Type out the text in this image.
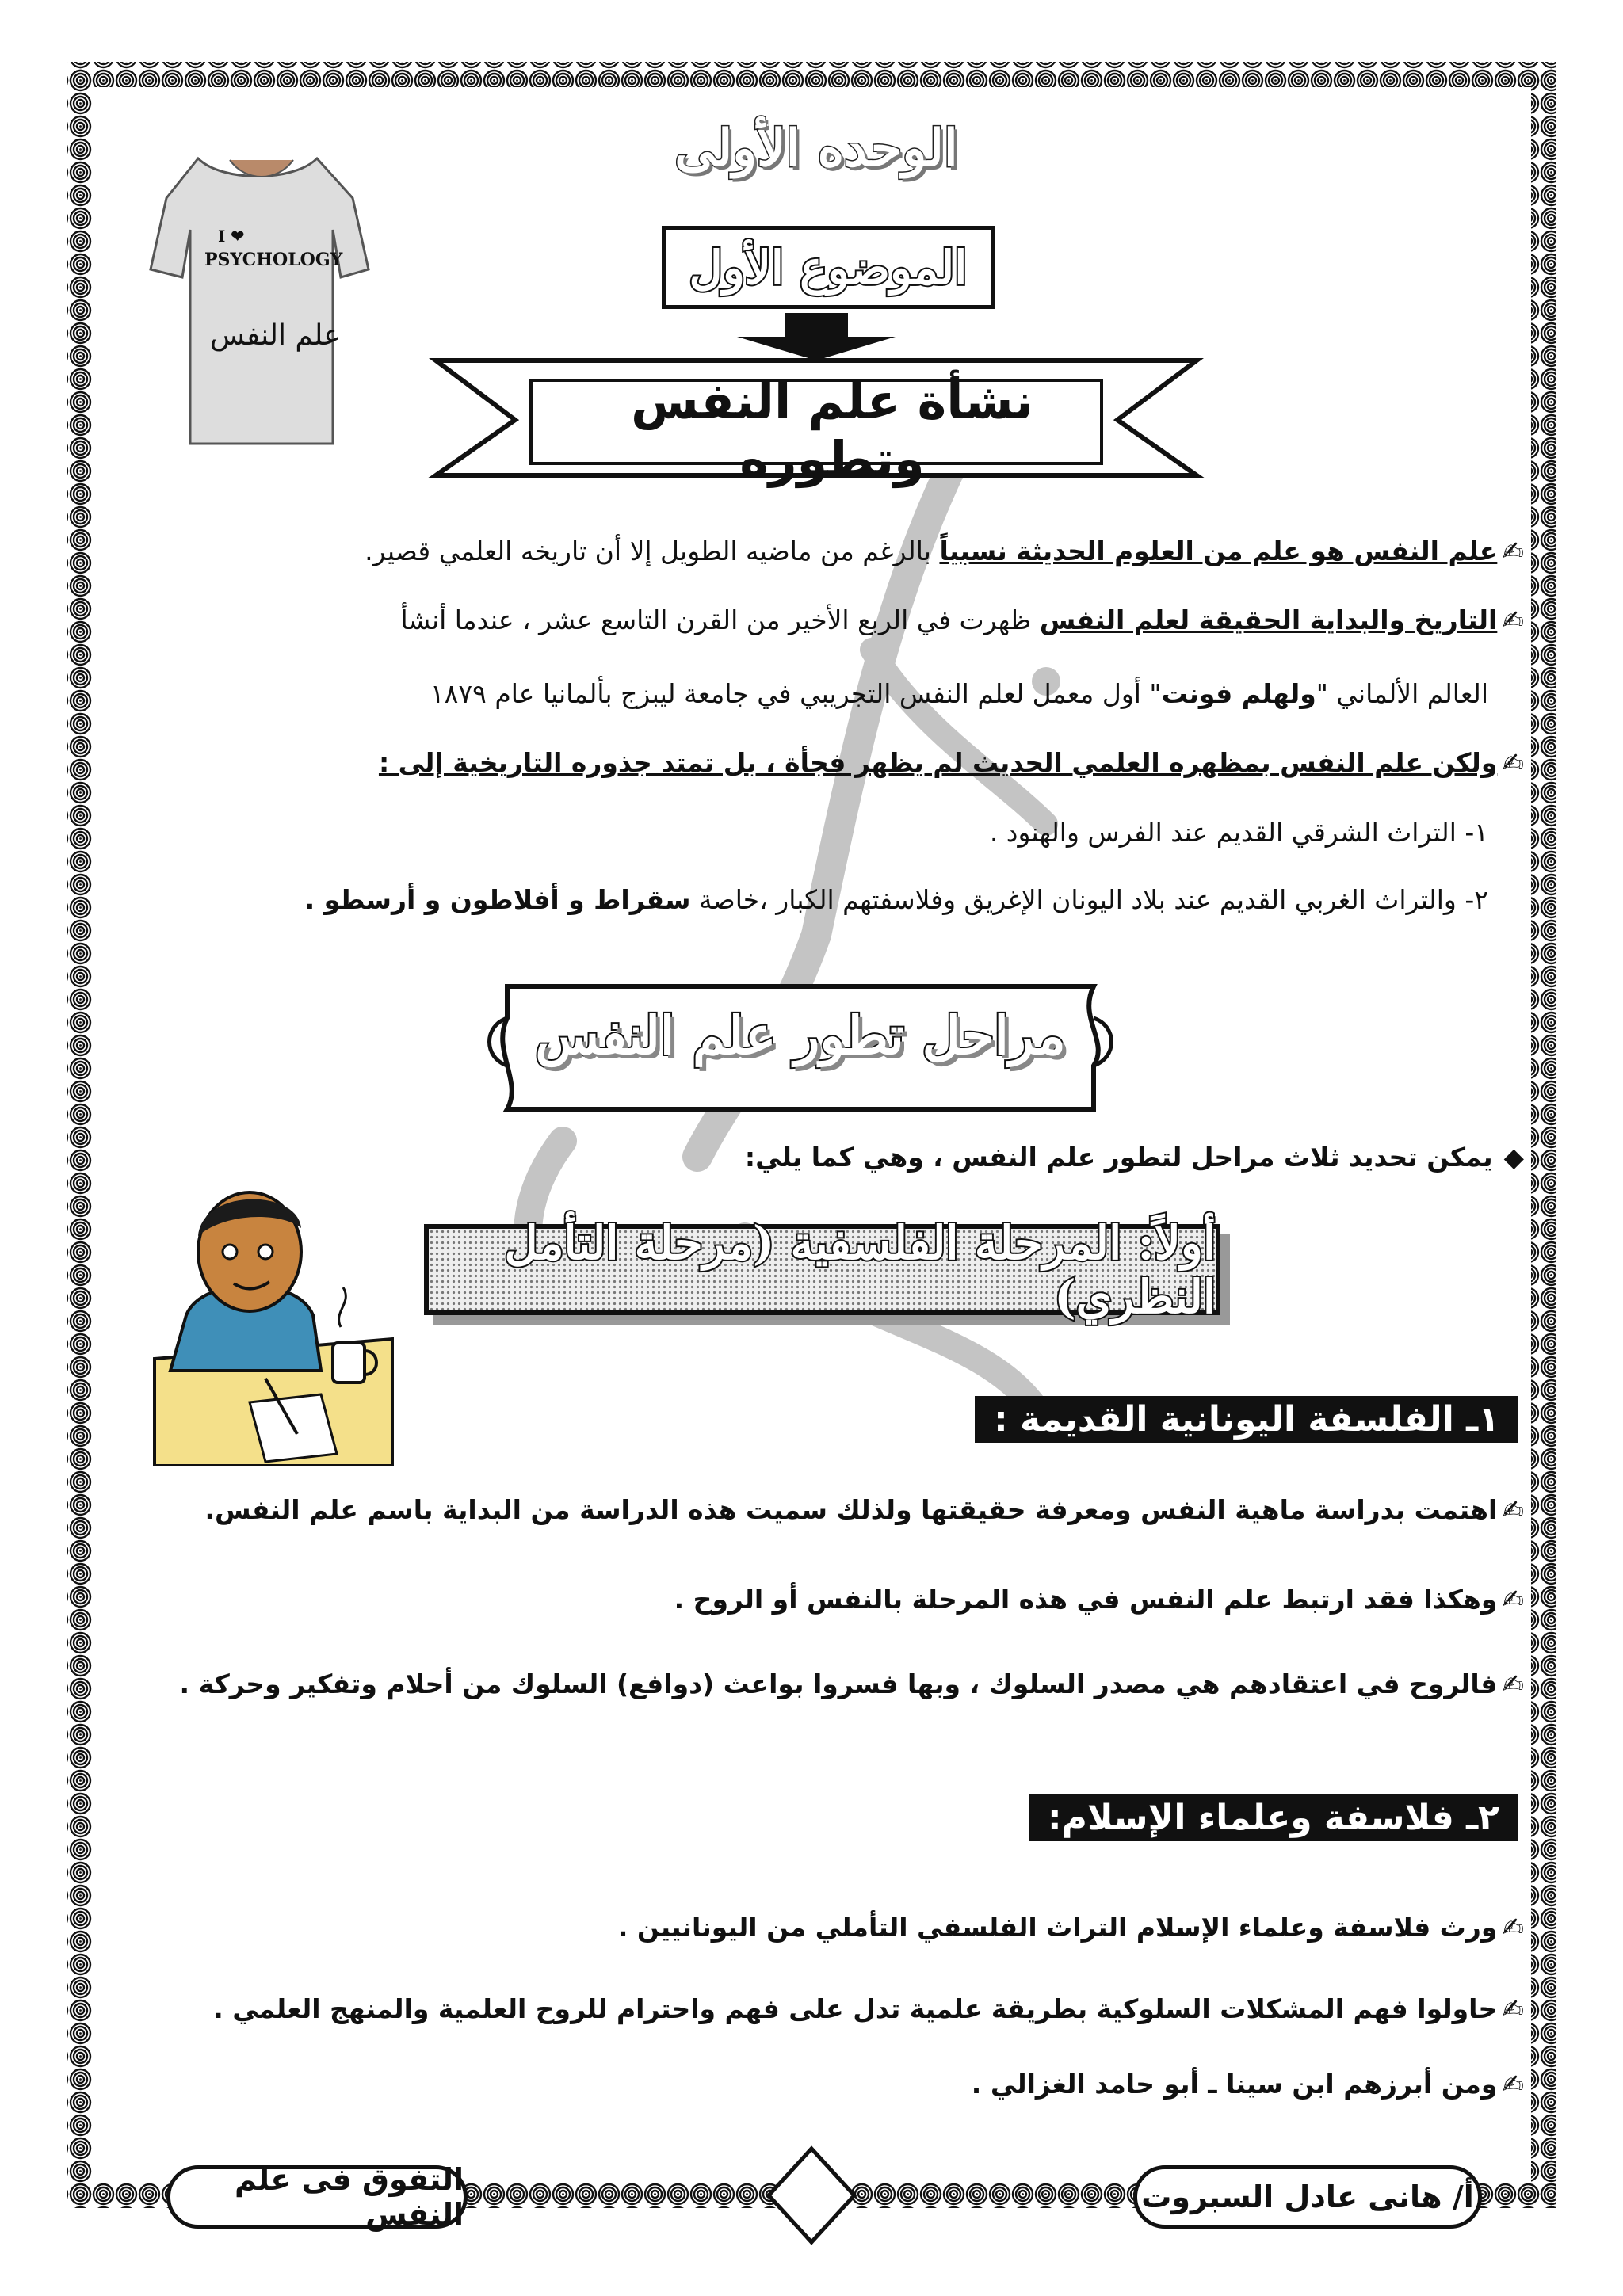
الوحده الأولى
الموضوع الأول
نشأة علم النفس وتطوره
I ❤
PSYCHOLOGY
علم النفس
✍علم النفس هو علم من العلوم الحديثة نسبياً بالرغم من ماضيه الطويل إلا أن تاريخه العلمي قصير.
✍التاريخ والبداية الحقيقة لعلم النفس ظهرت في الربع الأخير من القرن التاسع عشر ، عندما أنشأ
العالم الألماني "ولهلم فونت" أول معمل لعلم النفس التجريبي في جامعة ليبزج بألمانيا عام ١٨٧٩
✍ولكن علم النفس بمظهره العلمي الحديث لم يظهر فجأة ، بل تمتد جذوره التاريخية إلى :
١- التراث الشرقي القديم عند الفرس والهنود .
٢- والتراث الغربي القديم عند بلاد اليونان الإغريق وفلاسفتهم الكبار ،خاصة سقراط و أفلاطون و أرسطو .
مراحل تطور علم النفس
◆يمكن تحديد ثلاث مراحل لتطور علم النفس ، وهي كما يلي:
أولاً: المرحلة الفلسفية (مرحلة التأمل النظري)
١ـ الفلسفة اليونانية القديمة :
✍اهتمت بدراسة ماهية النفس ومعرفة حقيقتها ولذلك سميت هذه الدراسة من البداية باسم علم النفس.
✍وهكذا فقد ارتبط علم النفس في هذه المرحلة بالنفس أو الروح .
✍فالروح في اعتقادهم هي مصدر السلوك ، وبها فسروا بواعث (دوافع) السلوك من أحلام وتفكير وحركة .
٢ـ فلاسفة وعلماء الإسلام:
✍ورث فلاسفة وعلماء الإسلام التراث الفلسفي التأملي من اليونانيين .
✍حاولوا فهم المشكلات السلوكية بطريقة علمية تدل على فهم واحترام للروح العلمية والمنهج العلمي .
✍ومن أبرزهم ابن سينا ـ أبو حامد الغزالي .
أ/ هانى عادل السبروت
التفوق فى علم النفس
